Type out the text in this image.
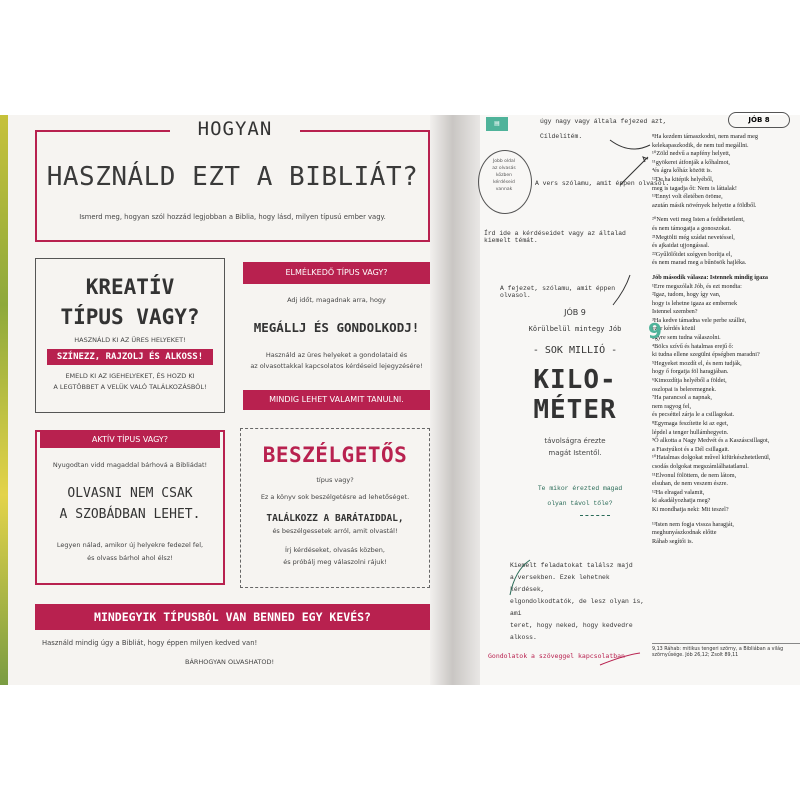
HOGYAN
HASZNÁLD EZT A BIBLIÁT?
Ismerd meg, hogyan szól hozzád legjobban a Biblia, hogy lásd, milyen típusú ember vagy.
KREATÍV
TÍPUS VAGY?
HASZNÁLD KI AZ ÜRES HELYEKET!
SZÍNEZZ, RAJZOLJ ÉS ALKOSS!
EMELD KI AZ IGEHELYEKET, ÉS HOZD KI
A LEGTÖBBET A VELÜK VALÓ TALÁLKOZÁSBÓL!
ELMÉLKEDŐ TÍPUS VAGY?
Adj időt, magadnak arra, hogy
MEGÁLLJ ÉS GONDOLKODJ!
Használd az üres helyeket a gondolataid és
az olvasottakkal kapcsolatos kérdéseid lejegyzésére!
MINDIG LEHET VALAMIT TANULNI.
AKTÍV TÍPUS VAGY?
Nyugodtan vidd magaddal bárhová a Bibliádat!
OLVASNI NEM CSAK
A SZOBÁDBAN LEHET.
Legyen nálad, amikor új helyekre fedezel fel,
és olvass bárhol ahol élsz!
BESZÉLGETŐS
típus vagy?
Ez a könyv sok beszélgetésre ad lehetőséget.
TALÁLKOZZ A BARÁTAIDDAL,
és beszélgessetek arról, amit olvastál!
Írj kérdéseket, olvasás közben,
és próbálj meg válaszolni rájuk!
MINDEGYIK TÍPUSBÓL VAN BENNED EGY KEVÉS?
Használd mindig úgy a Bibliát, hogy éppen milyen kedved van!
BÁRHOGYAN OLVASHATOD!
▤	JÓB 8
úgy nagy vagy általa fejezed azt,
Cíldelítém.
Jobb oldal
az olvasás
közben
kérdéseid
vannak
A vers szólamu, amit éppen olvasol.
Írd ide a kérdéseidet vagy az általad kiemelt témát.
A fejezet, szólamu, amit éppen olvasol.
JÓB 9
Körülbelül mintegy Jób
- SOK MILLIÓ -
KILO-
MÉTER
távolságra érezte
magát Istentől.
Te mikor érezted magad
olyan távol tőle?
Kiemelt feladatokat találsz majd
a versekben. Ezek lehetnek kérdések,
elgondolkodtatók, de lesz olyan is, ami
teret, hogy neked, hogy kedvedre alkoss.
Gondolatok a szöveggel kapcsolatban
⁸Ha kezdem támaszkodni, nem marad meg
kelekapaszkodik, de nem tud megállni.
¹⁰Zöld nedvű a napfény helyett,
¹¹gyökerei átfonják a kőhalmot,
⁴és ágra kőház között is.
¹²De ha kitépik helyéből,
meg is tagadja őt: Nem is láttalak!
¹³Ennyi volt életében öröme,
azután másik növények helyette a földből.
²⁰Nem veti meg Isten a feddhetetlent,
és nem támogatja a gonoszokat.
²¹Megtölti még szádat nevetéssel,
és ajkaidat ujjongással.
²²Gyűlölőidet szégyen borítja el,
és nem marad meg a bűnösök hajléka.
Jób második válasza: Istennek mindig igaza
¹Erre megszólalt Jób, és ezt mondta:
²Igaz, tudom, hogy így van,
hogy is lehetne igaza az embernek
Istennel szemben?
³Ha kedve támadna vele perbe szállni,
ezer kérdés közül
egyre sem tudna válaszolni.
⁴Bölcs szívű és hatalmas erejű ő:
ki tudna ellene szegülni épségben maradni?
⁵Hegyeket mozdít el, és nem tudják,
hogy ő forgatja föl haragjában.
⁶Kimozdítja helyéből a földet,
oszlopai is beleremegnek.
⁷Ha parancsol a napnak,
nem ragyog fel,
és pecséttel zárja le a csillagokat.
⁸Egymaga feszítette ki az eget,
lépdel a tenger hullámhegyein.
⁹Ő alkotta a Nagy Medvét és a Kaszáscsillagot,
a Fiastyúkot és a Dél csillagait.
¹⁰Hatalmas dolgokat művel kifürkészhetetlenül,
csodás dolgokat megszámlálhatatlanul.
¹¹Elvonul fölöttem, de nem látom,
elsuhan, de nem veszem észre.
¹²Ha elragad valamit,
ki akadályozhatja meg?
Ki mondhatja neki: Mit teszel?
¹³Isten nem fogja vissza haragját,
meghunyászkodnak előtte
Ráhab segítői is.
9
9,13 Ráhab: mitikus tengeri szörny, a Bibliában a világ szörnyűsége. Jób 26,12; Zsolt 89,11
